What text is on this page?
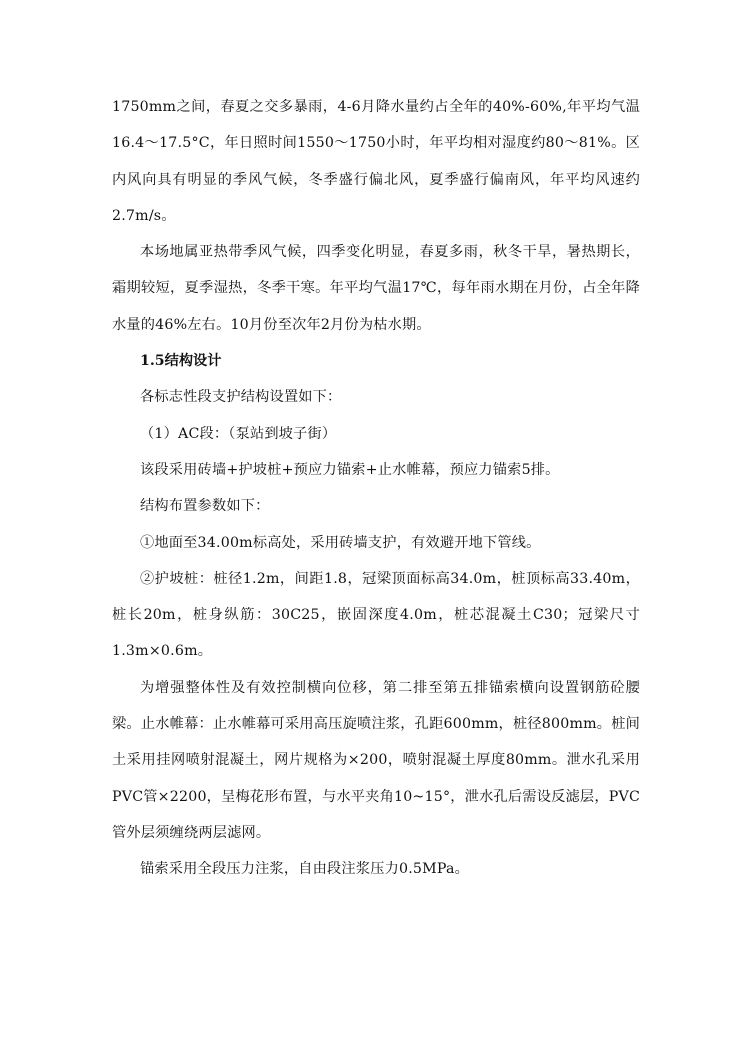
1750mm之间，春夏之交多暴雨，4-6月降水量约占全年的40%-60%,年平均气温16.4～17.5°C，年日照时间1550～1750小时，年平均相对湿度约80～81%。区内风向具有明显的季风气候，冬季盛行偏北风，夏季盛行偏南风，年平均风速约2.7m/s。

本场地属亚热带季风气候，四季变化明显，春夏多雨，秋冬干旱，暑热期长，霜期较短，夏季湿热，冬季干寒。年平均气温17℃，每年雨水期在月份，占全年降水量的46%左右。10月份至次年2月份为枯水期。

1.5结构设计

各标志性段支护结构设置如下：

（1）AC段：（泵站到坡子街）

该段采用砖墙+护坡桩+预应力锚索+止水帷幕，预应力锚索5排。

结构布置参数如下：

①地面至34.00m标高处，采用砖墙支护，有效避开地下管线。

②护坡桩：桩径1.2m，间距1.8，冠梁顶面标高34.0m，桩顶标高33.40m，桩长20m，桩身纵筋：30C25，嵌固深度4.0m，桩芯混凝土C30；冠梁尺寸1.3m×0.6m。

为增强整体性及有效控制横向位移，第二排至第五排锚索横向设置钢筋砼腰梁。止水帷幕：止水帷幕可采用高压旋喷注浆，孔距600mm，桩径800mm。桩间土采用挂网喷射混凝土，网片规格为×200，喷射混凝土厚度80mm。泄水孔采用PVC管×2200，呈梅花形布置，与水平夹角10~15°，泄水孔后需设反滤层，PVC管外层须缠绕两层滤网。

锚索采用全段压力注浆，自由段注浆压力0.5MPa。
